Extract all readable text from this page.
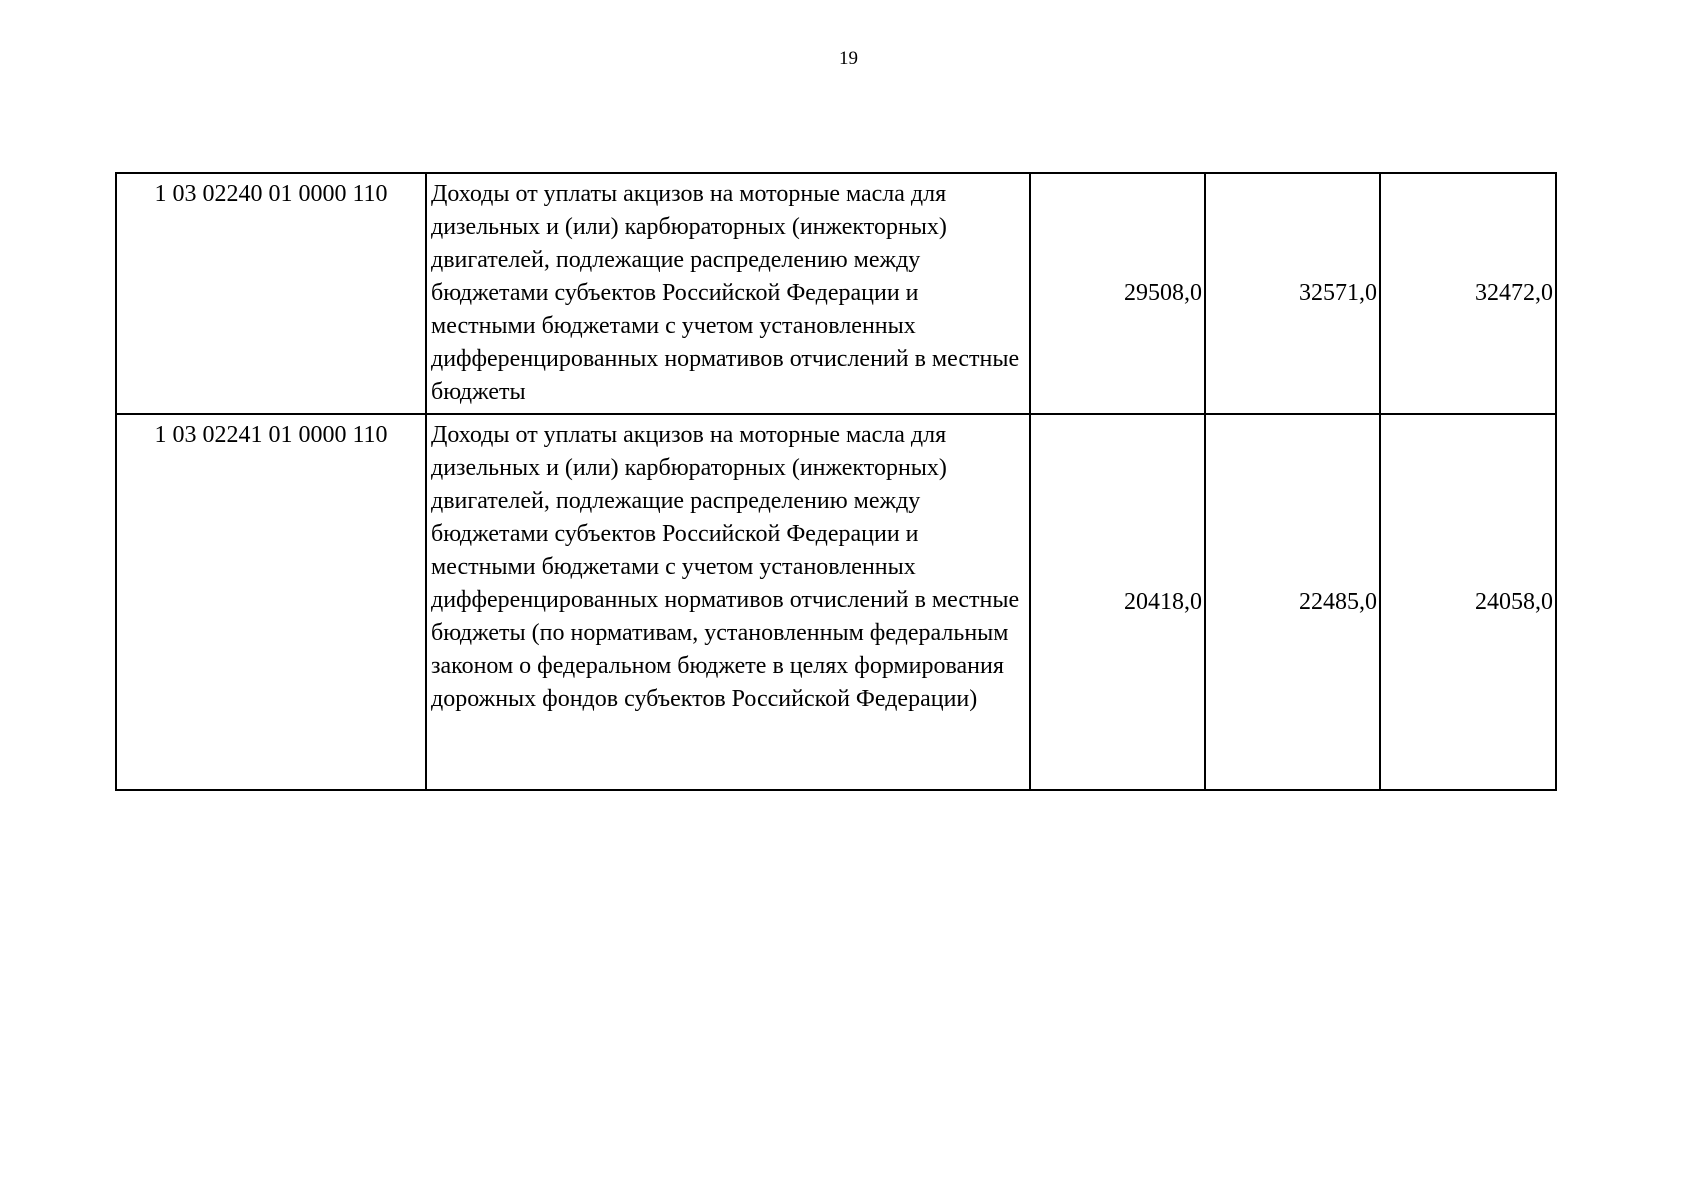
19
1 03 02240 01 0000 110	Доходы от уплаты акцизов на моторные масла для дизельных и (или) карбюраторных (инжекторных) двигателей, подлежащие распределению между бюджетами субъектов Российской Федерации и местными бюджетами с учетом установленных дифференцированных нормативов отчислений в местные бюджеты	29508,0	32571,0	32472,0
1 03 02241 01 0000 110	Доходы от уплаты акцизов на моторные масла для дизельных и (или) карбюраторных (инжекторных) двигателей, подлежащие распределению между бюджетами субъектов Российской Федерации и местными бюджетами с учетом установленных дифференцированных нормативов отчислений в местные бюджеты (по нормативам, установленным федеральным законом о федеральном бюджете в целях формирования дорожных фондов субъектов Российской Федерации)	20418,0	22485,0	24058,0
